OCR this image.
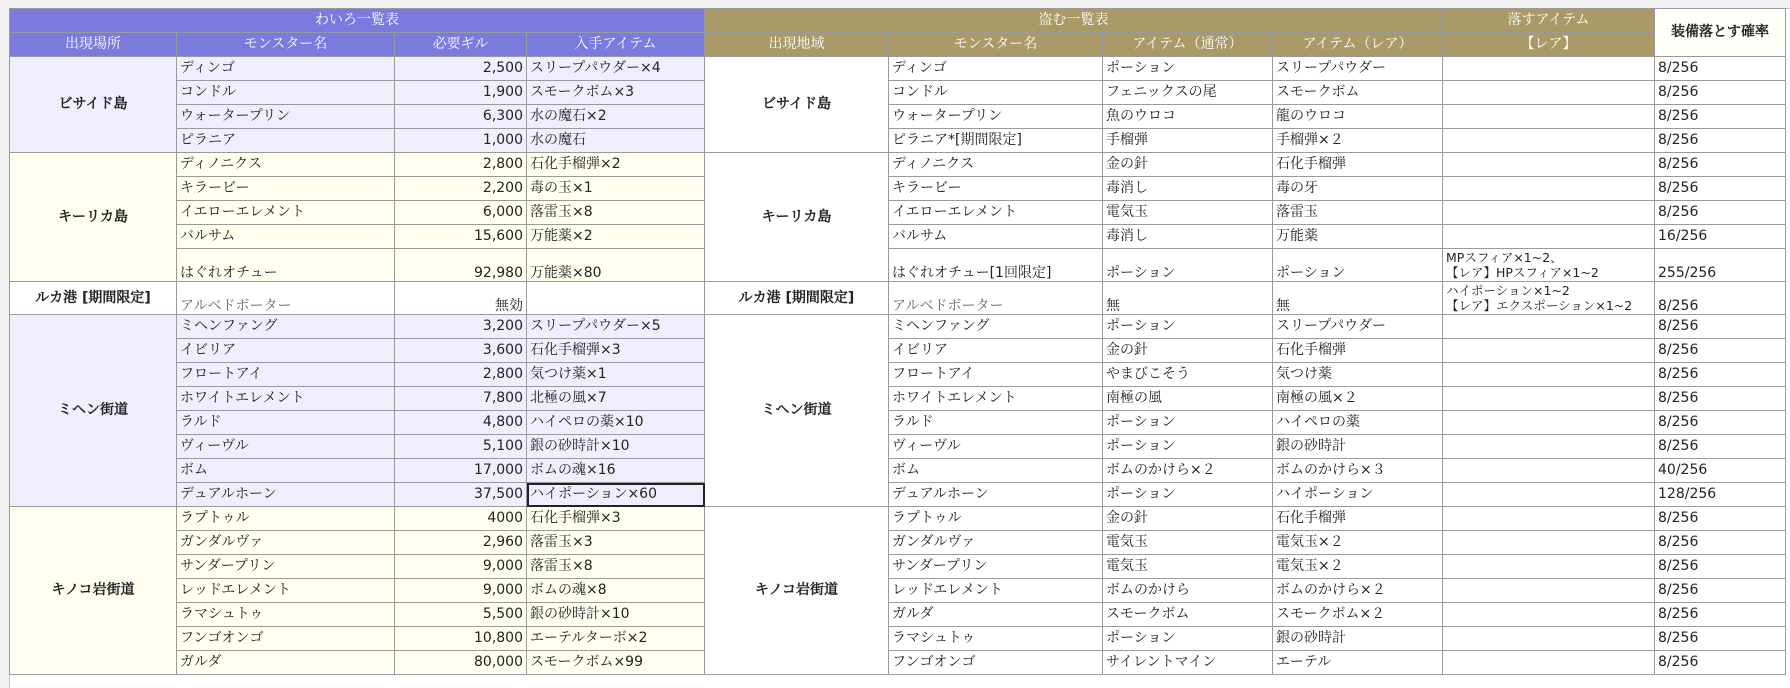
わいろ一覧表				盗む一覧表				落すアイテム	装備落とす確率
出現場所	モンスター名	必要ギル	入手アイテム	出現地域	モンスター名	アイテム（通常）	アイテム（レア）	【レア】	
ビサイド島	ディンゴ	2,500	スリープパウダー×4	ビサイド島	ディンゴ	ポーション	スリープパウダー		8/256
	コンドル	1,900	スモークボム×3		コンドル	フェニックスの尾	スモークボム		8/256
	ウォータープリン	6,300	水の魔石×2		ウォータープリン	魚のウロコ	龍のウロコ		8/256
	ピラニア	1,000	水の魔石		ピラニア*[期間限定]	手榴弾	手榴弾×２		8/256
キーリカ島	ディノニクス	2,800	石化手榴弾×2	キーリカ島	ディノニクス	金の針	石化手榴弾		8/256
	キラービー	2,200	毒の玉×1		キラービー	毒消し	毒の牙		8/256
	イエローエレメント	6,000	落雷玉×8		イエローエレメント	電気玉	落雷玉		8/256
	バルサム	15,600	万能薬×2		バルサム	毒消し	万能薬		16/256
	はぐれオチュー	92,980	万能薬×80		はぐれオチュー[1回限定]	ポーション	ポーション	MPスフィア×1~2、
【レア】HPスフィア×1~2	255/256
ルカ港 [期間限定]	アルベドボーター	無効		ルカ港 [期間限定]	アルベドボーター	無	無	ハイポーション×1~2
【レア】エクスポーション×1~2	8/256
ミヘン街道	ミヘンファング	3,200	スリープパウダー×5	ミヘン街道	ミヘンファング	ポーション	スリープパウダー		8/256
	イビリア	3,600	石化手榴弾×3		イビリア	金の針	石化手榴弾		8/256
	フロートアイ	2,800	気つけ薬×1		フロートアイ	やまびこそう	気つけ薬		8/256
	ホワイトエレメント	7,800	北極の風×7		ホワイトエレメント	南極の風	南極の風×２		8/256
	ラルド	4,800	ハイペロの薬×10		ラルド	ポーション	ハイペロの薬		8/256
	ヴィーヴル	5,100	銀の砂時計×10		ヴィーヴル	ポーション	銀の砂時計		8/256
	ボム	17,000	ボムの魂×16		ボム	ボムのかけら×２	ボムのかけら×３		40/256
	デュアルホーン	37,500	ハイポーション×60		デュアルホーン	ポーション	ハイポーション		128/256
キノコ岩街道	ラプトゥル	4000	石化手榴弾×3	キノコ岩街道	ラプトゥル	金の針	石化手榴弾		8/256
	ガンダルヴァ	2,960	落雷玉×3		ガンダルヴァ	電気玉	電気玉×２		8/256
	サンダープリン	9,000	落雷玉×8		サンダープリン	電気玉	電気玉×２		8/256
	レッドエレメント	9,000	ボムの魂×8		レッドエレメント	ボムのかけら	ボムのかけら×２		8/256
	ラマシュトゥ	5,500	銀の砂時計×10		ガルダ	スモークボム	スモークボム×２		8/256
	フンゴオンゴ	10,800	エーテルターボ×2		ラマシュトゥ	ポーション	銀の砂時計		8/256
	ガルダ	80,000	スモークボム×99		フンゴオンゴ	サイレントマイン	エーテル		8/256
